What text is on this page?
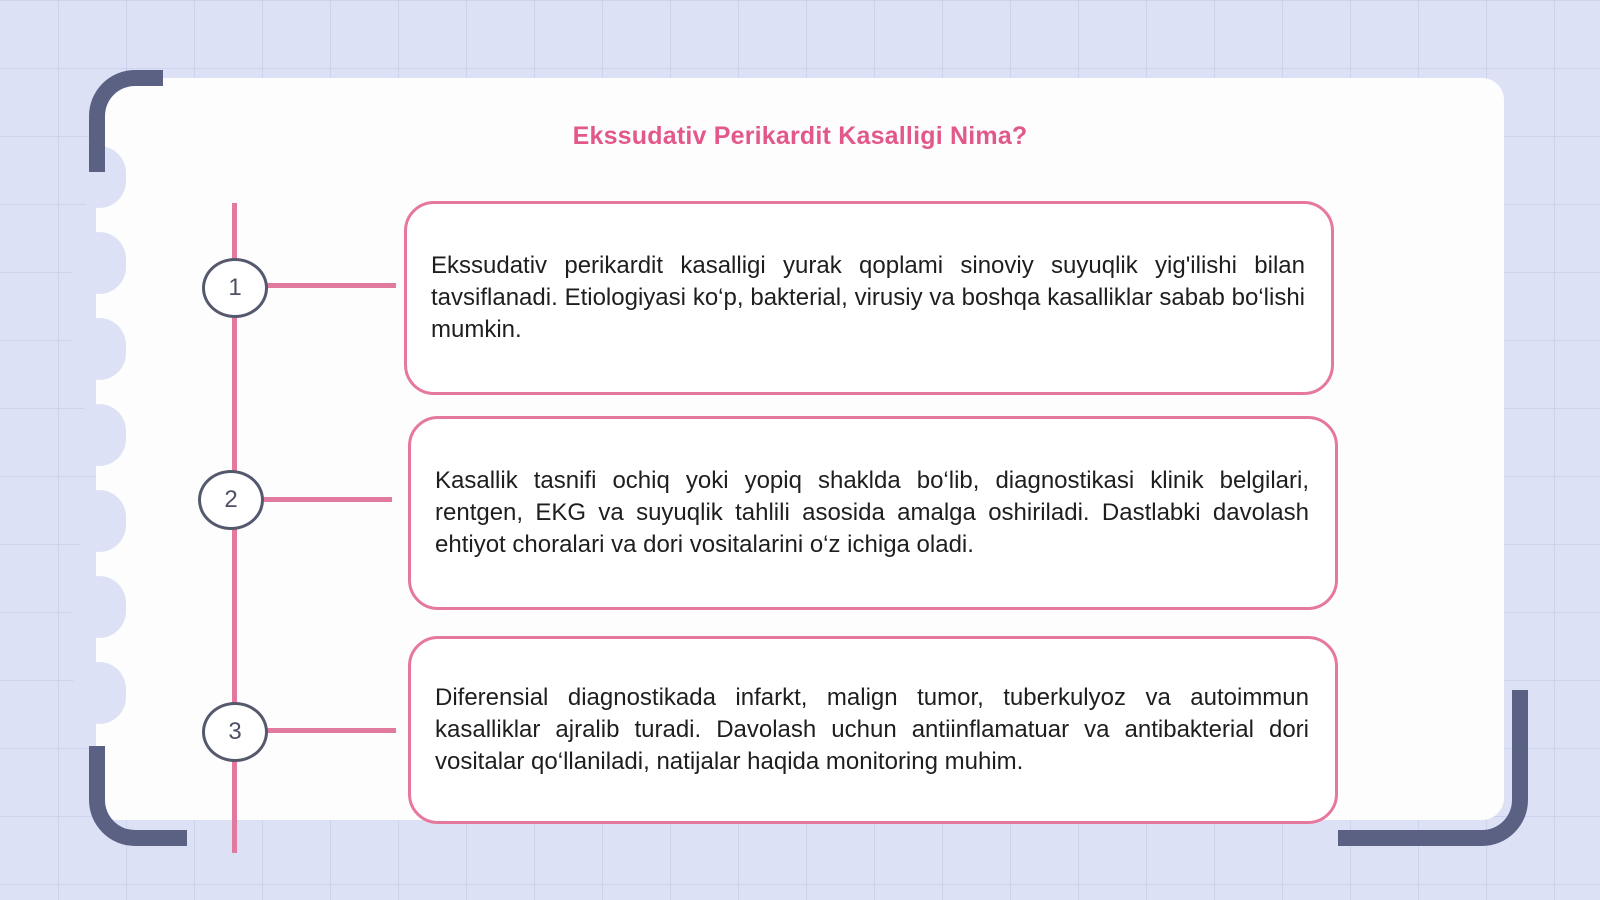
Ekssudativ Perikardit Kasalligi Nima?
1
2
3
Ekssudativ perikardit kasalligi yurak qoplami sinoviy suyuqlik yig'ilishi bilan tavsiflanadi. Etiologiyasi ko‘p, bakterial, virusiy va boshqa kasalliklar sabab bo‘lishi mumkin.
Kasallik tasnifi ochiq yoki yopiq shaklda bo‘lib, diagnostikasi klinik belgilari, rentgen, EKG va suyuqlik tahlili asosida amalga oshiriladi. Dastlabki davolash ehtiyot choralari va dori vositalarini o‘z ichiga oladi.
Diferensial diagnostikada infarkt, malign tumor, tuberkulyoz va autoimmun kasalliklar ajralib turadi. Davolash uchun antiinflamatuar va antibakterial dori vositalar qo‘llaniladi, natijalar haqida monitoring muhim.
